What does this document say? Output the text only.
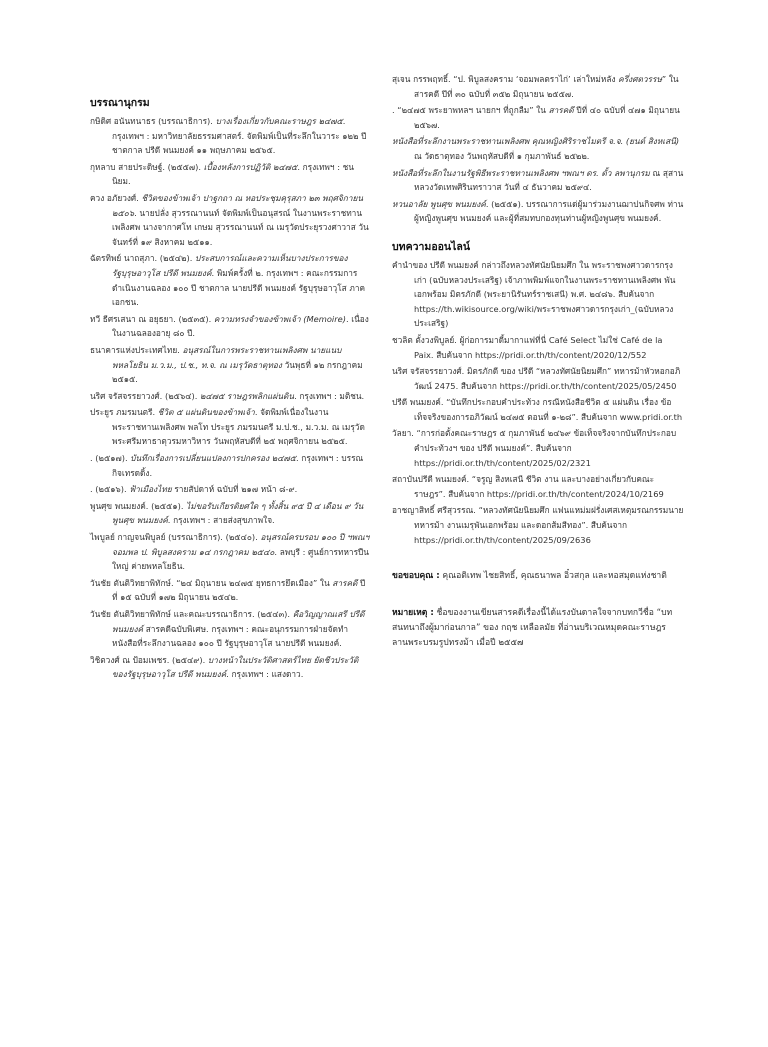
บรรณานุกรม

กษิดิศ อนันทนาธร (บรรณาธิการ). บางเรื่องเกี่ยวกับคณะราษฎร ๒๔๗๕. กรุงเทพฯ : มหาวิทยาลัยธรรมศาสตร์. จัดพิมพ์เป็นที่ระลึกในวาระ ๑๒๒ ปีชาตกาล ปรีดี พนมยงค์ ๑๑ พฤษภาคม ๒๕๖๕.

กุหลาบ สายประดิษฐ์. (๒๕๕๗). เบื้องหลังการปฏิวัติ ๒๔๗๕. กรุงเทพฯ : ชนนิยม.

ควง อภัยวงศ์. ชีวิตของข้าพเจ้า ปาฐกถา ณ หอประชุมคุรุสภา ๒๓ พฤศจิกายน ๒๕๐๖. นายปลั่ง สุวรรณานนท์ จัดพิมพ์เป็นอนุสรณ์ ในงานพระราชทานเพลิงศพ นางจากาศโท เกษม สุวรรณานนท์ ณ เมรุวัดประยุรวงศาวาส วันจันทร์ที่ ๑๙ สิงหาคม ๒๕๑๑.

ฉัตรทิพย์ นาถสุภา. (๒๕๔๒). ประสบการณ์และความเห็นบางประการของรัฐบุรุษอาวุโส ปรีดี พนมยงค์. พิมพ์ครั้งที่ ๒. กรุงเทพฯ : คณะกรรมการดำเนินงานฉลอง ๑๐๐ ปี ชาตกาล นายปรีดี พนมยงค์ รัฐบุรุษอาวุโส ภาคเอกชน.

ทวี ธีศรเสนา ณ อยุธยา. (๒๕๓๕). ความทรงจำของข้าพเจ้า (Memoire). เนื่องในงานฉลองอายุ ๘๐ ปี.

ธนาคารแห่งประเทศไทย. อนุสรณ์ในการพระราชทานเพลิงศพ นายแนบ พหลโยธิน ม.ว.ม., ป.ช., ท.จ. ณ เมรุวัดธาตุทอง วันพุธที่ ๑๒ กรกฎาคม ๒๕๑๕.

นริศ จรัสจรรยาวงศ์. (๒๕๖๔). ๒๔๗๕ ราษฎรพลิกแผ่นดิน. กรุงเทพฯ : มติชน.

ประยูร ภมรมนตรี. ชีวิต ๕ แผ่นดินของข้าพเจ้า. จัดพิมพ์เนื่องในงานพระราชทานเพลิงศพ พลโท ประยูร ภมรมนตรี ม.ป.ช., ม.ว.ม. ณ เมรุวัดพระศรีมหาธาตุวรมหาวิหาร วันพฤหัสบดีที่ ๒๕ พฤศจิกายน ๒๕๒๕.

. (๒๕๑๗). บันทึกเรื่องการเปลี่ยนแปลงการปกครอง ๒๔๗๕. กรุงเทพฯ : บรรณกิจเทรดดิ้ง.

. (๒๕๑๖). ฟ้าเมืองไทย รายสัปดาห์ ฉบับที่ ๒๑๗ หน้า ๘-๙.

พูนศุข พนมยงค์. (๒๕๕๑). ไม่ขอรับเกียรติยศใด ๆ ทั้งสิ้น ๙๕ ปี ๔ เดือน ๙ วัน พูนศุข พนมยงค์. กรุงเทพฯ : สายส่งสุขภาพใจ.

ไพบูลย์ กาญจนพิบูลย์ (บรรณาธิการ). (๒๕๔๐). อนุสรณ์ครบรอบ ๑๐๐ ปี ฯพณฯ จอมพล ป. พิบูลสงคราม ๑๔ กรกฎาคม ๒๕๔๐. ลพบุรี : ศูนย์การทหารปืนใหญ่ ค่ายพหลโยธิน.

วันชัย ตันติวิทยาพิทักษ์. “๒๔ มิถุนายน ๒๔๗๕ ยุทธการยึดเมือง” ใน สารคดี ปีที่ ๑๕ ฉบับที่ ๑๗๒ มิถุนายน ๒๕๔๒.

วันชัย ตันติวิทยาพิทักษ์ และคณะบรรณาธิการ. (๒๕๔๓). คือวิญญาณเสรี ปรีดี พนมยงค์ สารคดีฉบับพิเศษ. กรุงเทพฯ : คณะอนุกรรมการฝ่ายจัดทำหนังสือที่ระลึกงานฉลอง ๑๐๐ ปี รัฐบุรุษอาวุโส นายปรีดี พนมยงค์.

วิชิตวงศ์ ณ ป้อมเพชร. (๒๕๔๙). บางหน้าในประวัติศาสตร์ไทย ยัตชีวประวัติของรัฐบุรุษอาวุโส ปรีดี พนมยงค์. กรุงเทพฯ : แสงดาว.

สุเจน กรรพฤทธิ์. “ป. พิบูลสงคราม ‘จอมพลตราไก่’ เล่าใหม่หลัง ครึ่งศตวรรษ” ใน สารคดี ปีที่ ๓๐ ฉบับที่ ๓๕๒ มิถุนายน ๒๕๕๗.

. “๒๔๗๕ พระยาพหลฯ นายกฯ ที่ถูกลืม” ใน สารคดี ปีที่ ๔๐ ฉบับที่ ๔๗๑ มิถุนายน ๒๕๖๗.

หนังสือที่ระลึกงานพระราชทานเพลิงศพ คุณหญิงศิริราชไมตรี จ.จ. (ยนต์ สิงหเสนี) ณ วัดธาตุทอง วันพฤหัสบดีที่ ๑ กุมภาพันธ์ ๒๕๒๒.

หนังสือที่ระลึกในงานรัฐพิธีพระราชทานเพลิงศพ ฯพณฯ ดร. ตั้ว ลพานุกรม ณ สุสานหลวงวัดเทพศิรินทราวาส วันที่ ๔ ธันวาคม ๒๕๙๔.

หวนอาลัย พูนศุข พนมยงค์. (๒๕๕๑). บรรณาการแด่ผู้มาร่วมงานฌาปนกิจศพ ท่านผู้หญิงพูนศุข พนมยงค์ และผู้ที่สมทบกองทุนท่านผู้หญิงพูนศุข พนมยงค์.

บทความออนไลน์

คำนำของ ปรีดี พนมยงค์ กล่าวถึงหลวงทัศนัยนิยมศึก ใน พระราชพงศาวดารกรุงเก่า (ฉบับหลวงประเสริฐ) เจ้าภาพพิมพ์แจกในงานพระราชทานเพลิงศพ พันเอกพร้อม มิตรภักดี (พระยานิรันทร์ราชเสนี) พ.ศ. ๒๔๘๖. สืบค้นจาก https://th.wikisource.org/wiki/พระราชพงศาวดารกรุงเก่า_(ฉบับหลวงประเสริฐ)

ชวลิต ตั้งวงพิบูลย์. ผู้ก่อการมาดี้มากาแฟที่นี่ Café Select ไม่ใช่ Café de la Paix. สืบค้นจาก https://pridi.or.th/th/content/2020/12/552

นริศ จรัสจรรยาวงศ์. มิตรภักดี ของ ปรีดี “หลวงทัศนัยนิยมศึก” ทหารม้าหัวหอกอภิวัฒน์ 2475. สืบค้นจาก https://pridi.or.th/th/content/2025/05/2450

ปรีดี พนมยงค์. “บันทึกประกอบคำประท้วง กรณีหนังสือชีวิต ๕ แผ่นดิน เรื่อง ข้อเท็จจริงของการอภิวัฒน์ ๒๔๗๕ ตอนที่ ๑-๒๘”. สืบค้นจาก www.pridi.or.th

วัลยา. “การก่อตั้งคณะราษฎร ๕ กุมภาพันธ์ ๒๔๖๙ ข้อเท็จจริงจากบันทึกประกอบคำประท้วงฯ ของ ปรีดี พนมยงค์”. สืบค้นจาก https://pridi.or.th/th/content/2025/02/2321

สถาบันปรีดี พนมยงค์. “จรูญ สิงหเสนี ชีวิต งาน และบางอย่างเกี่ยวกับคณะราษฎร”. สืบค้นจาก https://pridi.or.th/th/content/2024/10/2169

อาชญาสิทธิ์ ศรีสุวรรณ. “หลวงทัศนัยนิยมศึก แฟนแหม่มฝรั่งเศสเหตุมรณกรรมนายทหารม้า งานเมรุพันเอกพร้อม และดอกส้มสีทอง”. สืบค้นจาก https://pridi.or.th/th/content/2025/09/2636

ขอขอบคุณ : คุณอติเทพ ไชยสิทธิ์, คุณธนาพล อิ๋วสกุล และหอสมุดแห่งชาติ

หมายเหตุ : ชื่อของงานเขียนสารคดีเรื่องนี้ได้แรงบันดาลใจจากบทกวีชื่อ “บทสนทนาถึงผู้มาก่อนกาล” ของ กฤช เหลือลมัย ที่อ่านบริเวณหมุดคณะราษฎร ลานพระบรมรูปทรงม้า เมื่อปี ๒๕๕๗
